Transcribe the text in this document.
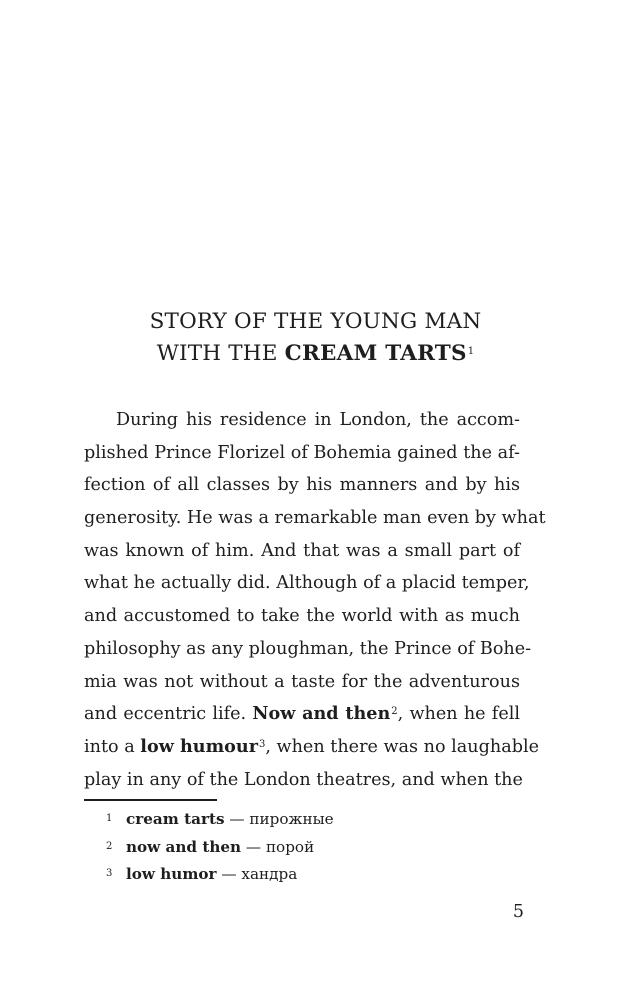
STORY OF THE YOUNG MAN
WITH THE CREAM TARTS$^1$
During his residence in London, the accom-
plished Prince Florizel of Bohemia gained the af-
fection of all classes by his manners and by his
generosity. He was a remarkable man even by what
was known of him. And that was a small part of
what he actually did. Although of a placid temper,
and accustomed to take the world with as much
philosophy as any ploughman, the Prince of Bohe-
mia was not without a taste for the adventurous
and eccentric life. Now and then$^2$, when he fell
into a low humour$^3$, when there was no laughable
play in any of the London theatres, and when the
1 cream tarts — пирожные
2 now and then — порой
3 low humor — хандра
5
